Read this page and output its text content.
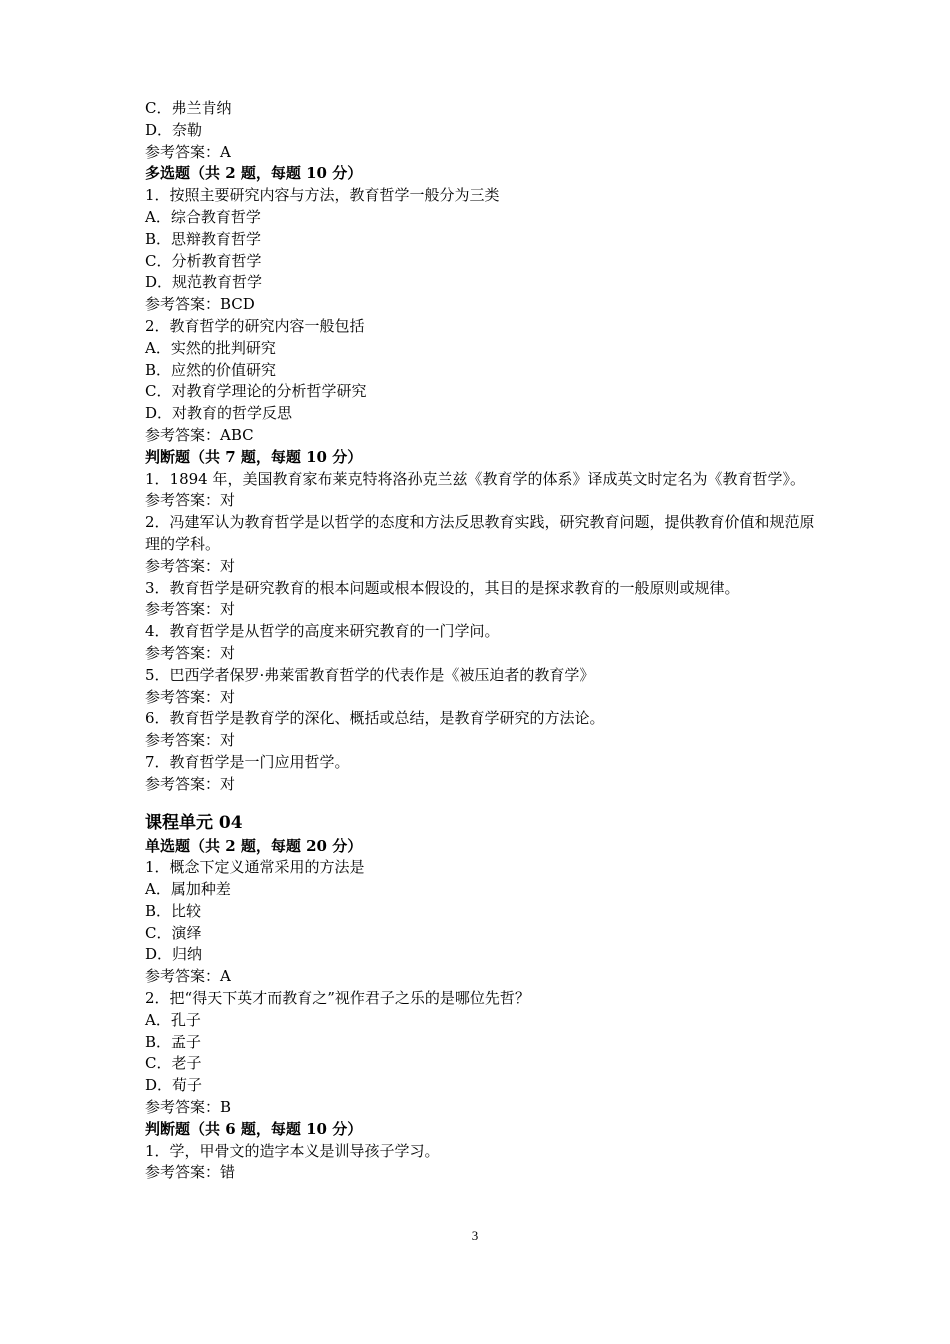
C．弗兰肯纳
D．奈勒
参考答案：A
多选题（共 2 题，每题 10 分）
1．按照主要研究内容与方法，教育哲学一般分为三类
A．综合教育哲学
B．思辩教育哲学
C．分析教育哲学
D．规范教育哲学
参考答案：BCD
2．教育哲学的研究内容一般包括
A．实然的批判研究
B．应然的价值研究
C．对教育学理论的分析哲学研究
D．对教育的哲学反思
参考答案：ABC
判断题（共 7 题，每题 10 分）
1．1894 年，美国教育家布莱克特将洛孙克兰兹《教育学的体系》译成英文时定名为《教育哲学》。
参考答案：对
2．冯建军认为教育哲学是以哲学的态度和方法反思教育实践，研究教育问题，提供教育价值和规范原理的学科。
参考答案：对
3．教育哲学是研究教育的根本问题或根本假设的，其目的是探求教育的一般原则或规律。
参考答案：对
4．教育哲学是从哲学的高度来研究教育的一门学问。
参考答案：对
5．巴西学者保罗·弗莱雷教育哲学的代表作是《被压迫者的教育学》
参考答案：对
6．教育哲学是教育学的深化、概括或总结，是教育学研究的方法论。
参考答案：对
7．教育哲学是一门应用哲学。
参考答案：对
课程单元 04
单选题（共 2 题，每题 20 分）
1．概念下定义通常采用的方法是
A．属加种差
B．比较
C．演绎
D．归纳
参考答案：A
2．把“得天下英才而教育之”视作君子之乐的是哪位先哲？
A．孔子
B．孟子
C．老子
D．荀子
参考答案：B
判断题（共 6 题，每题 10 分）
1．学，甲骨文的造字本义是训导孩子学习。
参考答案：错
3
